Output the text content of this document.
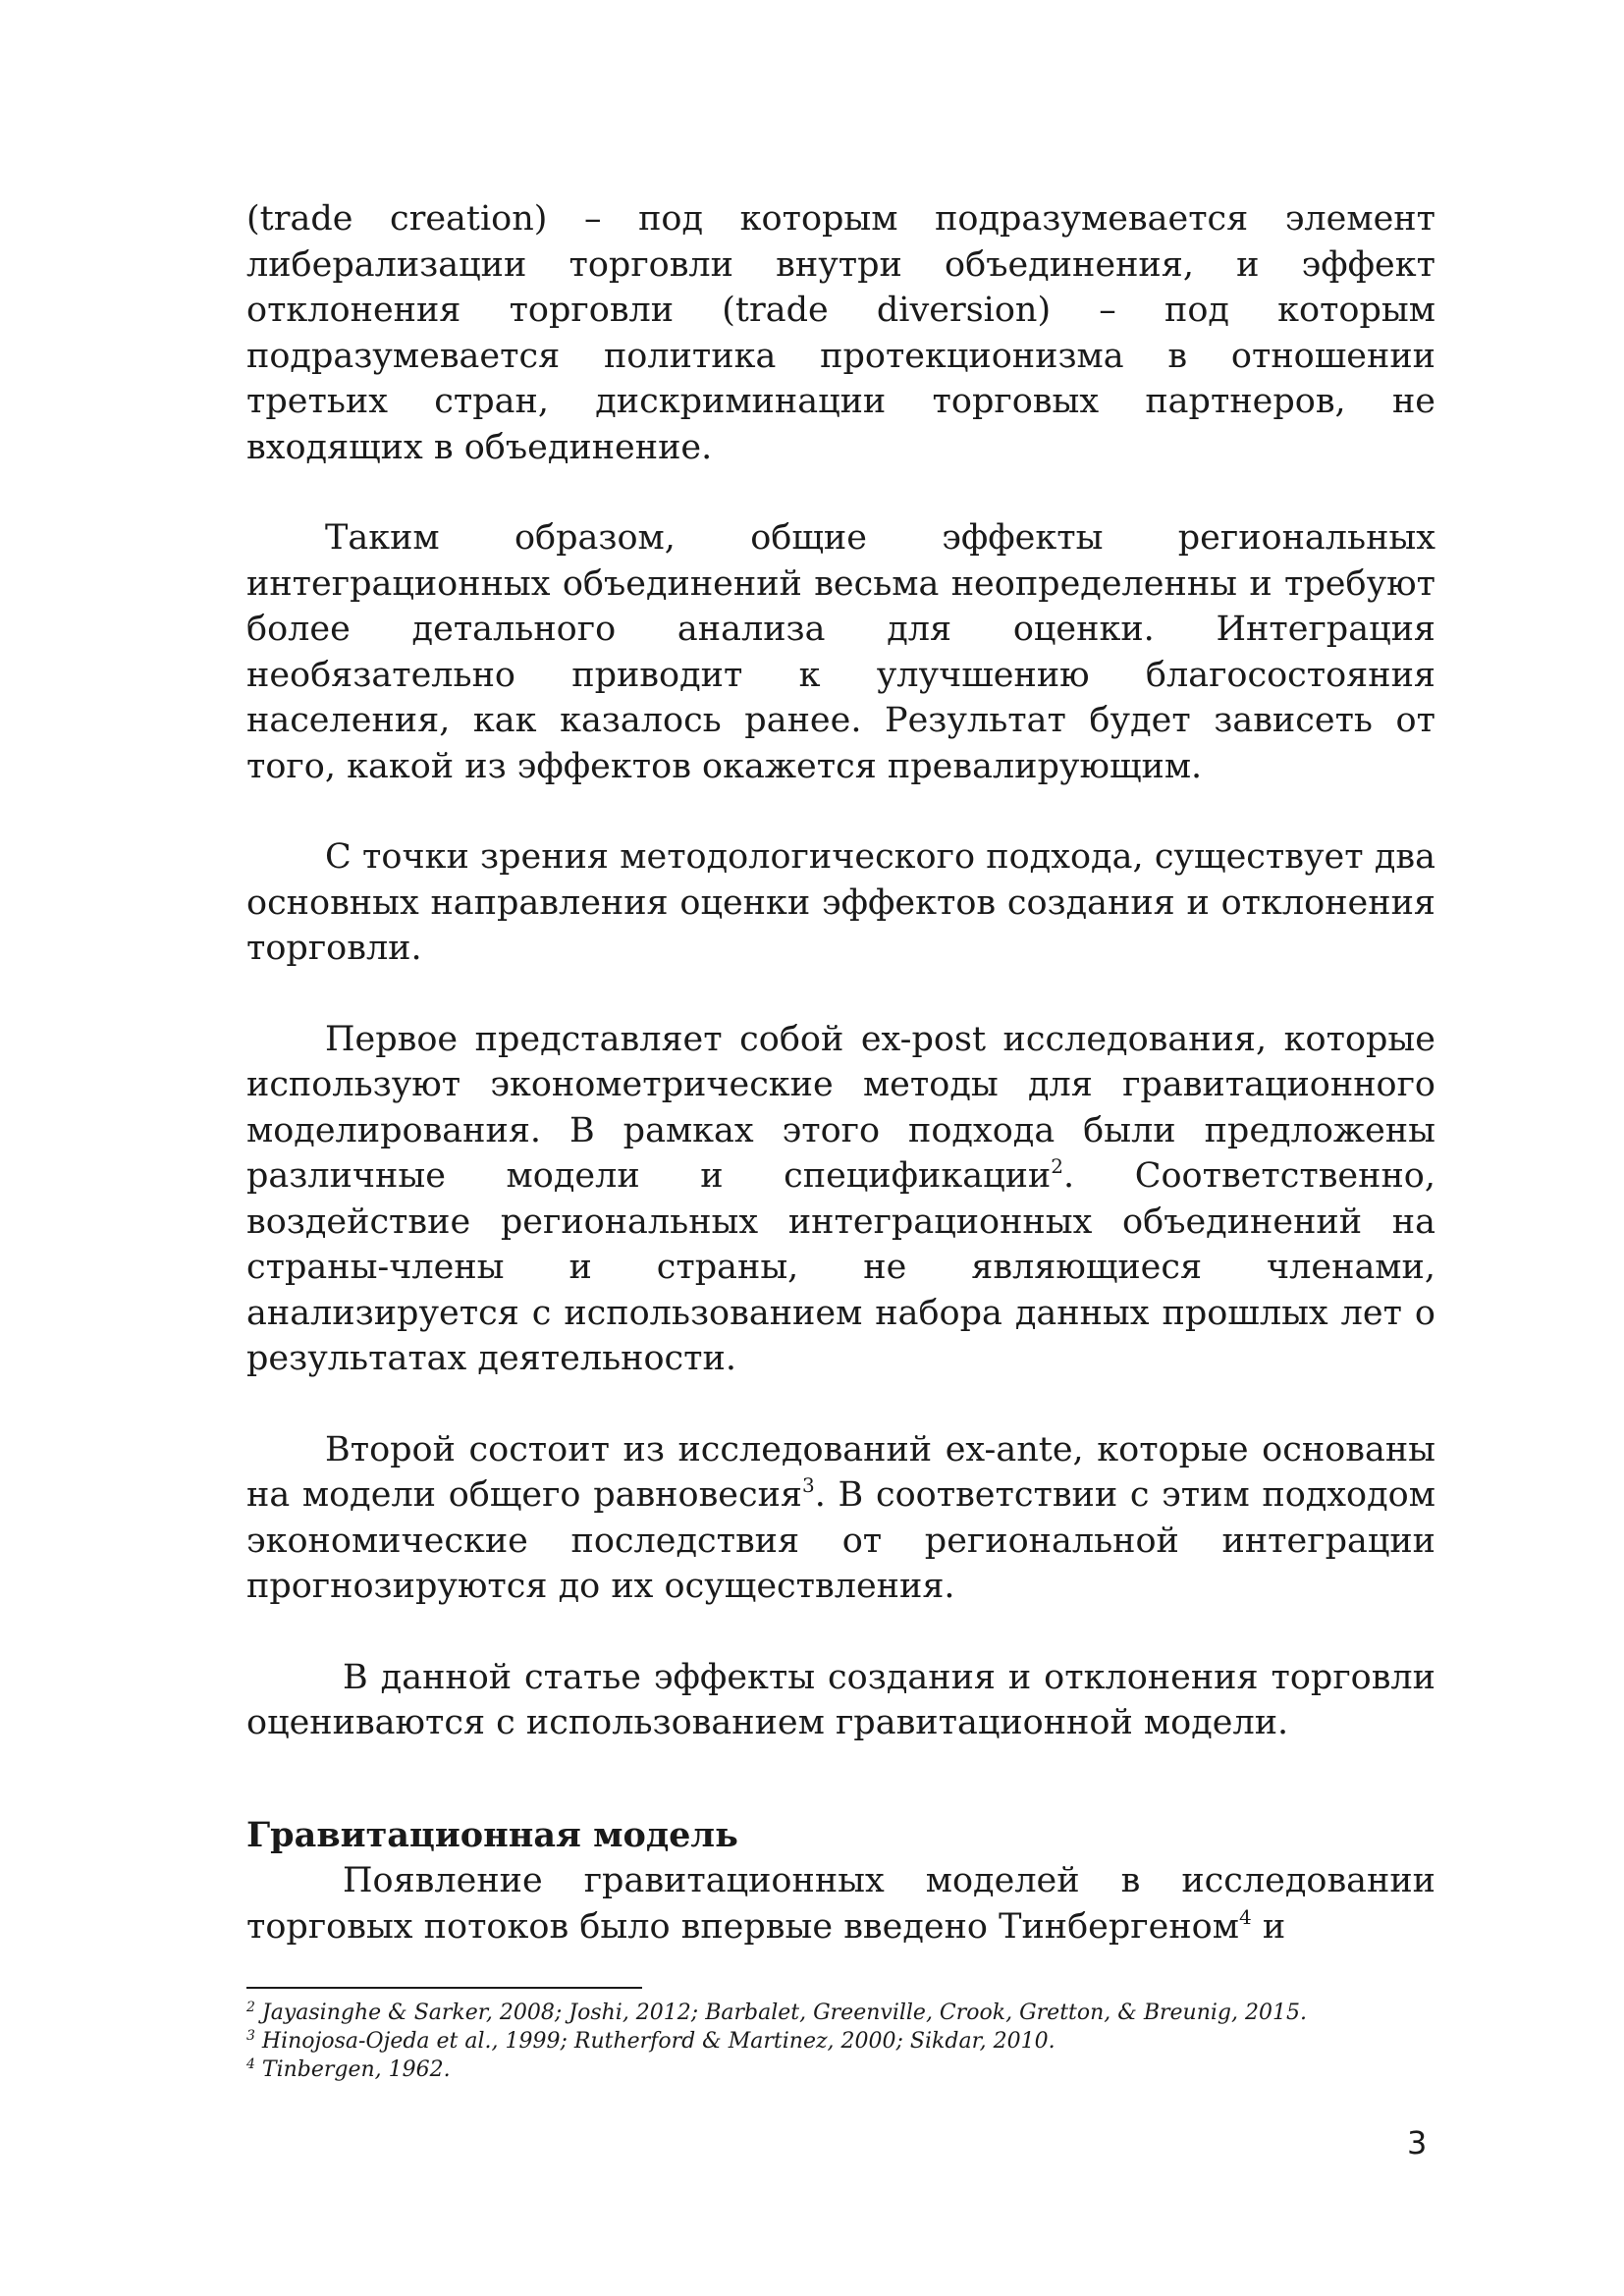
(trade creation) – под которым подразумевается элемент либерализации торговли внутри объединения, и эффект отклонения торговли (trade diversion) – под которым подразумевается политика протекционизма в отношении третьих стран, дискриминации торговых партнеров, не входящих в объединение.

Таким образом, общие эффекты региональных интеграционных объединений весьма неопределенны и требуют более детального анализа для оценки. Интеграция необязательно приводит к улучшению благосостояния населения, как казалось ранее. Результат будет зависеть от того, какой из эффектов окажется превалирующим.

С точки зрения методологического подхода, существует два основных направления оценки эффектов создания и отклонения торговли.

Первое представляет собой ex-post исследования, которые используют эконометрические методы для гравитационного моделирования. В рамках этого подхода были предложены различные модели и спецификации$^2$. Соответственно, воздействие региональных интеграционных объединений на страны-члены и страны, не являющиеся членами, анализируется с использованием набора данных прошлых лет о результатах деятельности.

Второй состоит из исследований ex-ante, которые основаны на модели общего равновесия$^3$. В соответствии с этим подходом экономические последствия от региональной интеграции прогнозируются до их осуществления.

В данной статье эффекты создания и отклонения торговли оцениваются с использованием гравитационной модели.

Гравитационная модель

Появление гравитационных моделей в исследовании торговых потоков было впервые введено Тинбергеном$^4$ и

$^2$ Jayasinghe & Sarker, 2008; Joshi, 2012; Barbalet, Greenville, Crook, Gretton, & Breunig, 2015.

$^3$ Hinojosa-Ojeda et al., 1999; Rutherford & Martinez, 2000; Sikdar, 2010.

$^4$ Tinbergen, 1962.

3
